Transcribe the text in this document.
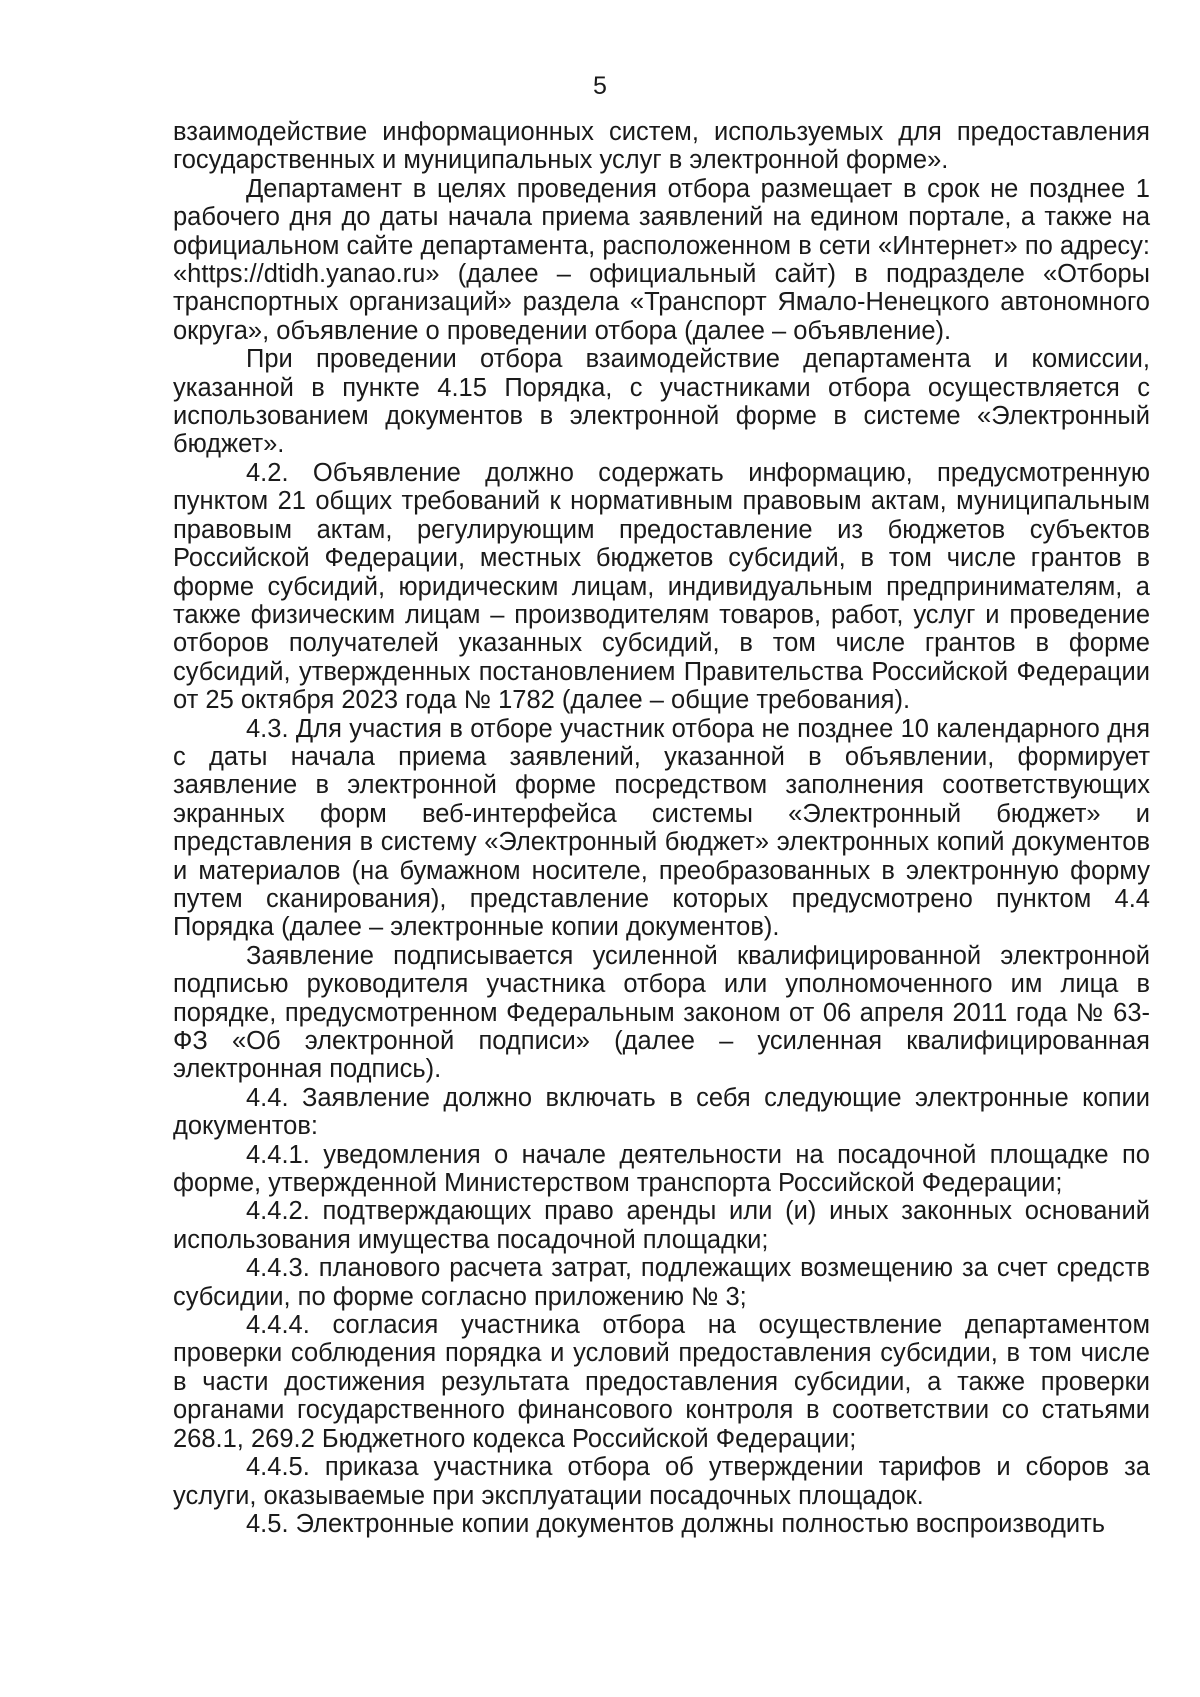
5

взаимодействие информационных систем, используемых для предоставления государственных и муниципальных услуг в электронной форме».

Департамент в целях проведения отбора размещает в срок не позднее 1 рабочего дня до даты начала приема заявлений на едином портале, а также на официальном сайте департамента, расположенном в сети «Интернет» по адресу: «https://dtidh.yanao.ru» (далее – официальный сайт) в подразделе «Отборы транспортных организаций» раздела «Транспорт Ямало-Ненецкого автономного округа», объявление о проведении отбора (далее – объявление).

При проведении отбора взаимодействие департамента и комиссии, указанной в пункте 4.15 Порядка, с участниками отбора осуществляется с использованием документов в электронной форме в системе «Электронный бюджет».

4.2. Объявление должно содержать информацию, предусмотренную пунктом 21 общих требований к нормативным правовым актам, муниципальным правовым актам, регулирующим предоставление из бюджетов субъектов Российской Федерации, местных бюджетов субсидий, в том числе грантов в форме субсидий, юридическим лицам, индивидуальным предпринимателям, а также физическим лицам – производителям товаров, работ, услуг и проведение отборов получателей указанных субсидий, в том числе грантов в форме субсидий, утвержденных постановлением Правительства Российской Федерации от 25 октября 2023 года № 1782 (далее – общие требования).

4.3. Для участия в отборе участник отбора не позднее 10 календарного дня с даты начала приема заявлений, указанной в объявлении, формирует заявление в электронной форме посредством заполнения соответствующих экранных форм веб-интерфейса системы «Электронный бюджет» и представления в систему «Электронный бюджет» электронных копий документов и материалов (на бумажном носителе, преобразованных в электронную форму путем сканирования), представление которых предусмотрено пунктом 4.4 Порядка (далее – электронные копии документов).

Заявление подписывается усиленной квалифицированной электронной подписью руководителя участника отбора или уполномоченного им лица в порядке, предусмотренном Федеральным законом от 06 апреля 2011 года № 63-ФЗ «Об электронной подписи» (далее – усиленная квалифицированная электронная подпись).

4.4. Заявление должно включать в себя следующие электронные копии документов:

4.4.1. уведомления о начале деятельности на посадочной площадке по форме, утвержденной Министерством транспорта Российской Федерации;

4.4.2. подтверждающих право аренды или (и) иных законных оснований использования имущества посадочной площадки;

4.4.3. планового расчета затрат, подлежащих возмещению за счет средств субсидии, по форме согласно приложению № 3;

4.4.4. согласия участника отбора на осуществление департаментом проверки соблюдения порядка и условий предоставления субсидии, в том числе в части достижения результата предоставления субсидии, а также проверки органами государственного финансового контроля в соответствии со статьями 268.1, 269.2 Бюджетного кодекса Российской Федерации;

4.4.5. приказа участника отбора об утверждении тарифов и сборов за услуги, оказываемые при эксплуатации посадочных площадок.

4.5. Электронные копии документов должны полностью воспроизводить
